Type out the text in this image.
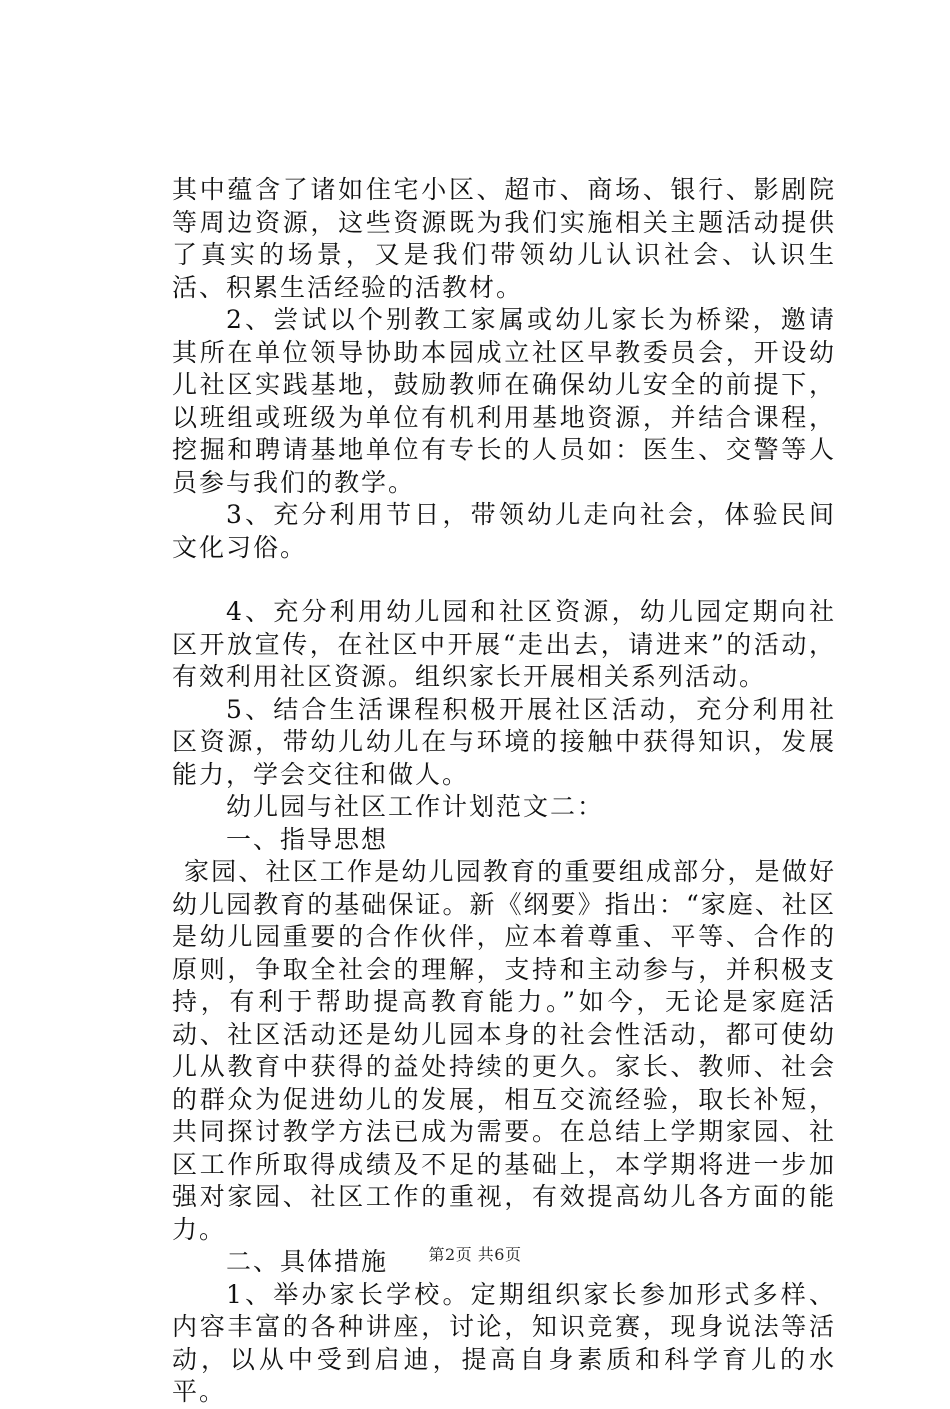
其中蕴含了诸如住宅小区、超市、商场、银行、影剧院等周边资源，这些资源既为我们实施相关主题活动提供了真实的场景，又是我们带领幼儿认识社会、认识生活、积累生活经验的活教材。

2、尝试以个别教工家属或幼儿家长为桥梁，邀请其所在单位领导协助本园成立社区早教委员会，开设幼儿社区实践基地，鼓励教师在确保幼儿安全的前提下，以班组或班级为单位有机利用基地资源，并结合课程，挖掘和聘请基地单位有专长的人员如：医生、交警等人员参与我们的教学。

3、充分利用节日，带领幼儿走向社会，体验民间文化习俗。

4、充分利用幼儿园和社区资源，幼儿园定期向社区开放宣传，在社区中开展“走出去，请进来”的活动，有效利用社区资源。组织家长开展相关系列活动。

5、结合生活课程积极开展社区活动，充分利用社区资源，带幼儿幼儿在与环境的接触中获得知识，发展能力，学会交往和做人。

幼儿园与社区工作计划范文二：

一、指导思想

家园、社区工作是幼儿园教育的重要组成部分，是做好幼儿园教育的基础保证。新《纲要》指出：“家庭、社区是幼儿园重要的合作伙伴，应本着尊重、平等、合作的原则，争取全社会的理解，支持和主动参与，并积极支持，有利于帮助提高教育能力。”如今，无论是家庭活动、社区活动还是幼儿园本身的社会性活动，都可使幼儿从教育中获得的益处持续的更久。家长、教师、社会的群众为促进幼儿的发展，相互交流经验，取长补短，共同探讨教学方法已成为需要。在总结上学期家园、社区工作所取得成绩及不足的基础上，本学期将进一步加强对家园、社区工作的重视，有效提高幼儿各方面的能力。

二、具体措施

1、举办家长学校。定期组织家长参加形式多样、内容丰富的各种讲座，讨论，知识竞赛，现身说法等活动，以从中受到启迪，提高自身素质和科学育儿的水平。

第2页 共6页
